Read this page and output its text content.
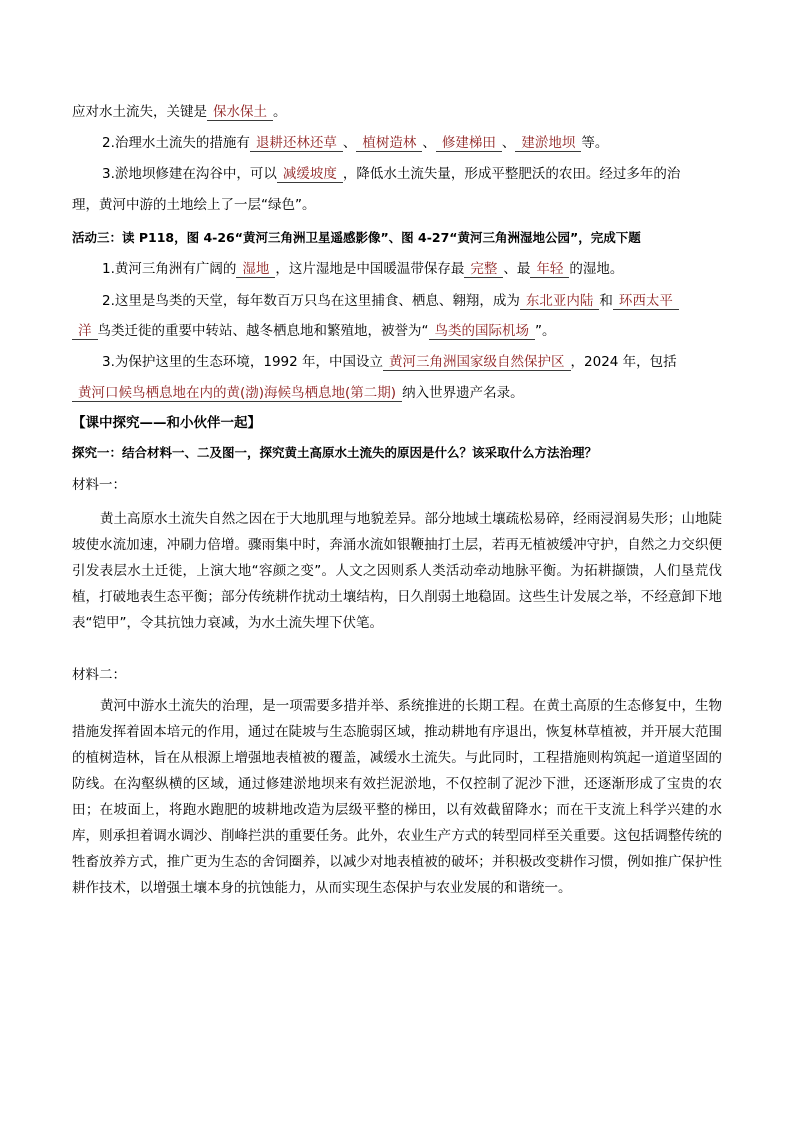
应对水土流失，关键是 保水保土 。
2.治理水土流失的措施有 退耕还林还草 、 植树造林 、 修建梯田 、 建淤地坝 等。
3.淤地坝修建在沟谷中，可以 减缓坡度 ，降低水土流失量，形成平整肥沃的农田。经过多年的治
理，黄河中游的土地绘上了一层“绿色”。
活动三：读 P118，图 4-26“黄河三角洲卫星遥感影像”、图 4-27“黄河三角洲湿地公园”，完成下题
1.黄河三角洲有广阔的 湿地 ，这片湿地是中国暖温带保存最 完整 、最 年轻 的湿地。
2.这里是鸟类的天堂，每年数百万只鸟在这里捕食、栖息、翱翔，成为 东北亚内陆 和 环西太平
洋 鸟类迁徙的重要中转站、越冬栖息地和繁殖地，被誉为“ 鸟类的国际机场 ”。
3.为保护这里的生态环境，1992 年，中国设立 黄河三角洲国家级自然保护区 ，2024 年，包括
黄河口候鸟栖息地在内的黄(渤)海候鸟栖息地(第二期) 纳入世界遗产名录。
【课中探究——和小伙伴一起】
探究一：结合材料一、二及图一，探究黄土高原水土流失的原因是什么？该采取什么方法治理？
材料一：
黄土高原水土流失自然之因在于大地肌理与地貌差异。部分地域土壤疏松易碎，经雨浸润易失形；山地陡坡使水流加速，冲刷力倍增。骤雨集中时，奔涌水流如银鞭抽打土层，若再无植被缓冲守护，自然之力交织便引发表层水土迁徙，上演大地“容颜之变”。人文之因则系人类活动牵动地脉平衡。为拓耕撷馈，人们垦荒伐植，打破地表生态平衡；部分传统耕作扰动土壤结构，日久削弱土地稳固。这些生计发展之举，不经意卸下地表“铠甲”，令其抗蚀力衰减，为水土流失埋下伏笔。
材料二：
黄河中游水土流失的治理，是一项需要多措并举、系统推进的长期工程。在黄土高原的生态修复中，生物措施发挥着固本培元的作用，通过在陡坡与生态脆弱区域，推动耕地有序退出，恢复林草植被，并开展大范围的植树造林，旨在从根源上增强地表植被的覆盖，减缓水土流失。与此同时，工程措施则构筑起一道道坚固的防线。在沟壑纵横的区域，通过修建淤地坝来有效拦泥淤地，不仅控制了泥沙下泄，还逐渐形成了宝贵的农田；在坡面上，将跑水跑肥的坡耕地改造为层级平整的梯田，以有效截留降水；而在干支流上科学兴建的水库，则承担着调水调沙、削峰拦洪的重要任务。此外，农业生产方式的转型同样至关重要。这包括调整传统的牲畜放养方式，推广更为生态的舍饲圈养，以减少对地表植被的破坏；并积极改变耕作习惯，例如推广保护性耕作技术，以增强土壤本身的抗蚀能力，从而实现生态保护与农业发展的和谐统一。
